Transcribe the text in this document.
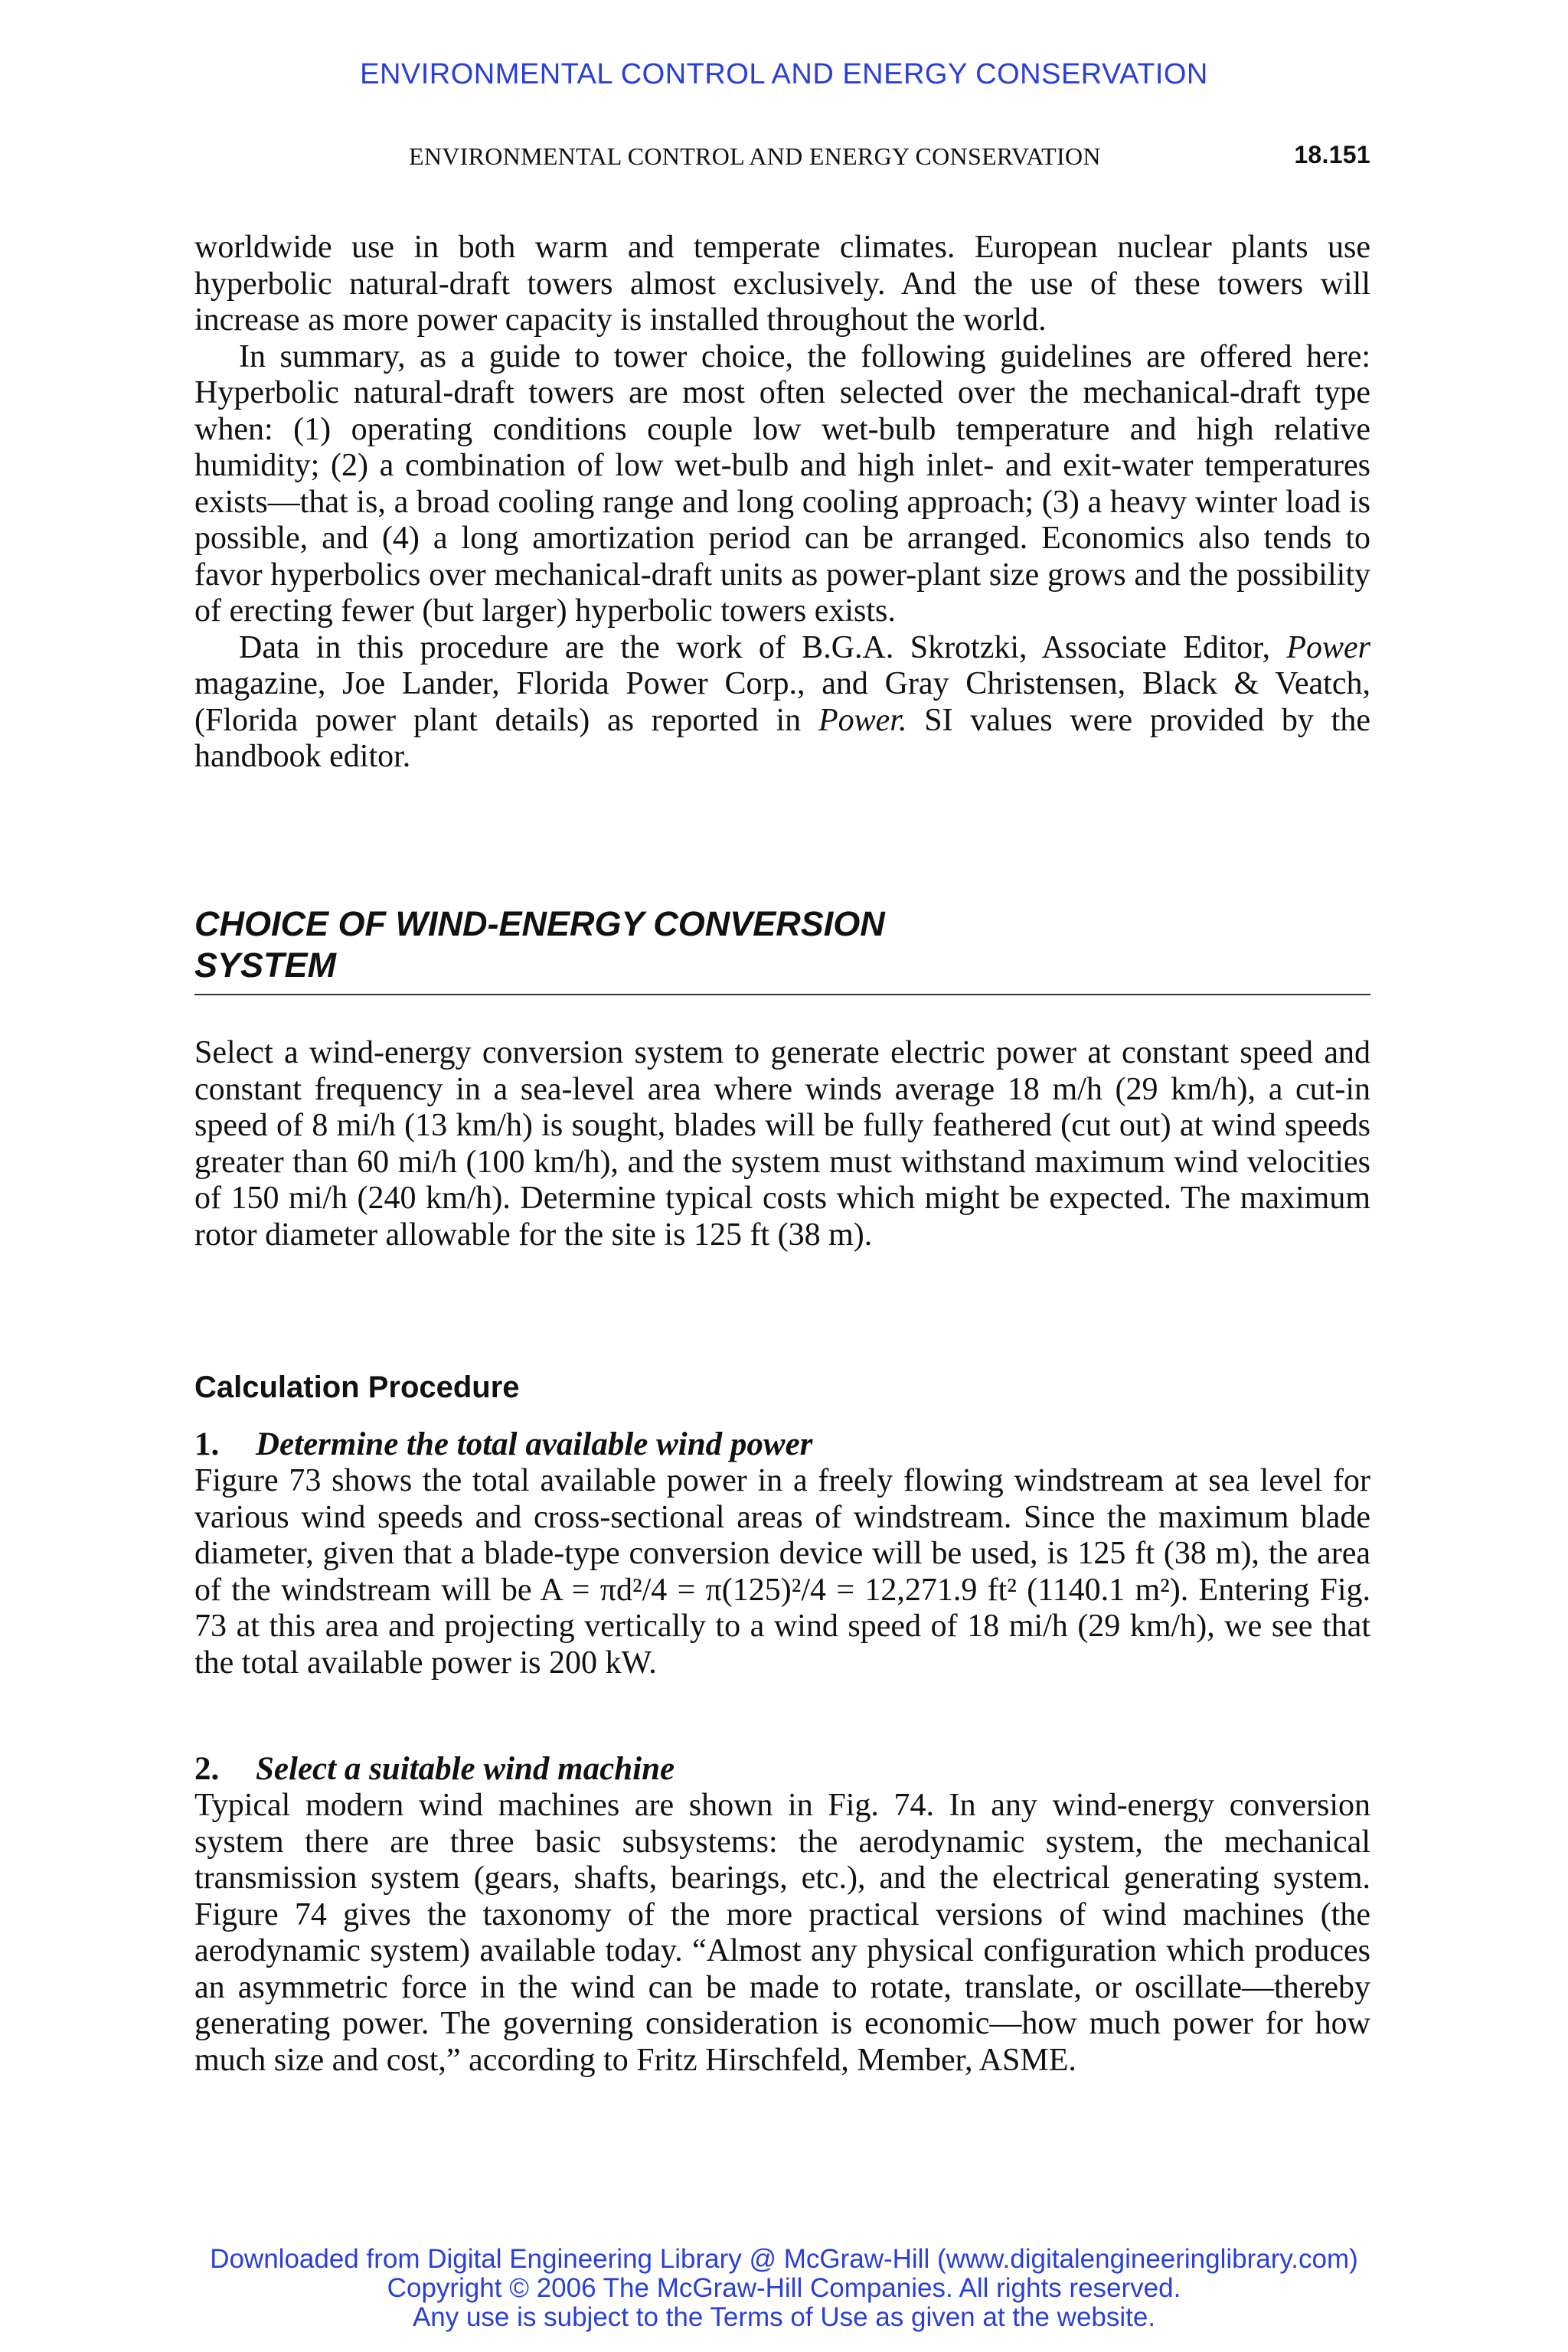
ENVIRONMENTAL CONTROL AND ENERGY CONSERVATION
ENVIRONMENTAL CONTROL AND ENERGY CONSERVATION	18.151

worldwide use in both warm and temperate climates. European nuclear plants use hyperbolic natural-draft towers almost exclusively. And the use of these towers will increase as more power capacity is installed throughout the world.

In summary, as a guide to tower choice, the following guidelines are offered here: Hyperbolic natural-draft towers are most often selected over the mechanical-draft type when: (1) operating conditions couple low wet-bulb temperature and high relative humidity; (2) a combination of low wet-bulb and high inlet- and exit-water temperatures exists—that is, a broad cooling range and long cooling approach; (3) a heavy winter load is possible, and (4) a long amortization period can be arranged. Economics also tends to favor hyperbolics over mechanical-draft units as power-plant size grows and the possibility of erecting fewer (but larger) hyperbolic towers exists.

Data in this procedure are the work of B.G.A. Skrotzki, Associate Editor, Power magazine, Joe Lander, Florida Power Corp., and Gray Christensen, Black & Veatch, (Florida power plant details) as reported in Power. SI values were provided by the handbook editor.

CHOICE OF WIND-ENERGY CONVERSION
SYSTEM

Select a wind-energy conversion system to generate electric power at constant speed and constant frequency in a sea-level area where winds average 18 m/h (29 km/h), a cut-in speed of 8 mi/h (13 km/h) is sought, blades will be fully feathered (cut out) at wind speeds greater than 60 mi/h (100 km/h), and the system must withstand maximum wind velocities of 150 mi/h (240 km/h). Determine typical costs which might be expected. The maximum rotor diameter allowable for the site is 125 ft (38 m).

Calculation Procedure
1. Determine the total available wind power

Figure 73 shows the total available power in a freely flowing windstream at sea level for various wind speeds and cross-sectional areas of windstream. Since the maximum blade diameter, given that a blade-type conversion device will be used, is 125 ft (38 m), the area of the windstream will be A = πd²/4 = π(125)²/4 = 12,271.9 ft² (1140.1 m²). Entering Fig. 73 at this area and projecting vertically to a wind speed of 18 mi/h (29 km/h), we see that the total available power is 200 kW.

2. Select a suitable wind machine

Typical modern wind machines are shown in Fig. 74. In any wind-energy conversion system there are three basic subsystems: the aerodynamic system, the mechanical transmission system (gears, shafts, bearings, etc.), and the electrical generating system. Figure 74 gives the taxonomy of the more practical versions of wind machines (the aerodynamic system) available today. “Almost any physical configuration which produces an asymmetric force in the wind can be made to rotate, translate, or oscillate—thereby generating power. The governing consideration is economic—how much power for how much size and cost,” according to Fritz Hirschfeld, Member, ASME.

Downloaded from Digital Engineering Library @ McGraw-Hill (www.digitalengineeringlibrary.com)
Copyright © 2006 The McGraw-Hill Companies. All rights reserved.
Any use is subject to the Terms of Use as given at the website.
